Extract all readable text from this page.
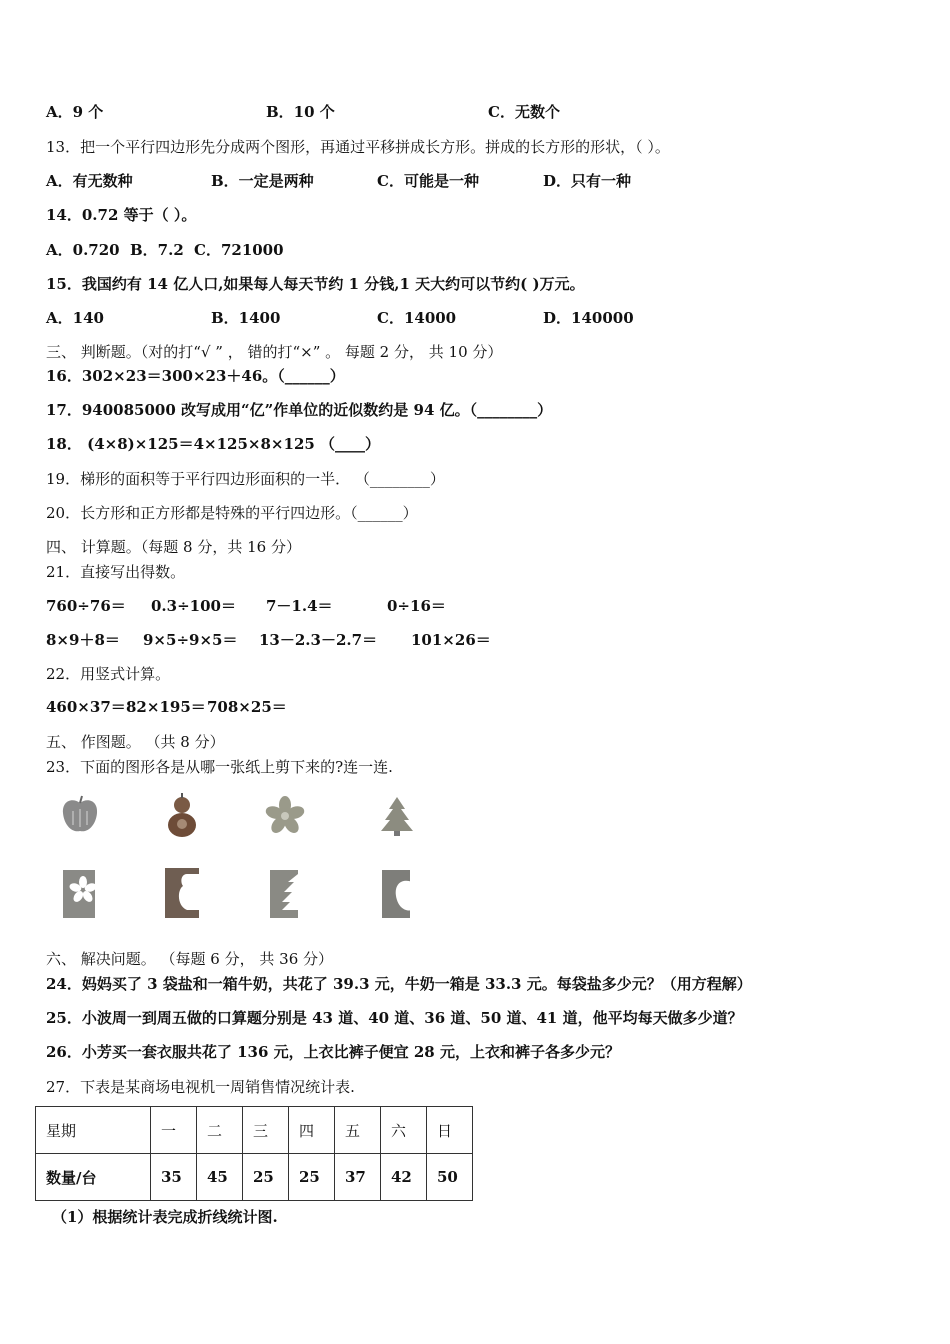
A．9 个	B．10 个	C．无数个
13．把一个平行四边形先分成两个图形，再通过平移拼成长方形。拼成的长方形的形状，（ ）。
A．有无数种	B．一定是两种	C．可能是一种	D．只有一种
14．0.72 等于（ ）。
A．0.720 B．7.2 C．721000
15．我国约有 14 亿人口,如果每人每天节约 1 分钱,1 天大约可以节约( )万元。
A．140	B．1400	C．14000	D．140000
三、 判断题。（对的打“√ ” ， 错的打“×” 。 每题 2 分， 共 10 分）
16．302×23＝300×23＋46。（______）
17．940085000 改写成用“亿”作单位的近似数约是 94 亿。（________）
18． (4×8)×125＝4×125×8×125 （____）
19．梯形的面积等于平行四边形面积的一半． （________）
20．长方形和正方形都是特殊的平行四边形。（______）
四、 计算题。（每题 8 分，共 16 分）
21．直接写出得数。
760÷76＝ 0.3÷100＝ 7－1.4＝	0÷16＝
8×9＋8＝ 9×5÷9×5＝ 13－2.3－2.7＝ 101×26＝
22．用竖式计算。
460×37＝ 82×195＝ 708×25＝
五、 作图题。 （共 8 分）
23．下面的图形各是从哪一张纸上剪下来的?连一连.
六、 解决问题。 （每题 6 分， 共 36 分）
24．妈妈买了 3 袋盐和一箱牛奶，共花了 39.3 元，牛奶一箱是 33.3 元。每袋盐多少元？（用方程解）
25．小波周一到周五做的口算题分别是 43 道、40 道、36 道、50 道、41 道，他平均每天做多少道？
26．小芳买一套衣服共花了 136 元，上衣比裤子便宜 28 元，上衣和裤子各多少元？
27．下表是某商场电视机一周销售情况统计表.
星期	一	二	三	四	五	六	日
数量/台	35	45	25	25	37	42	50
（1）根据统计表完成折线统计图.
